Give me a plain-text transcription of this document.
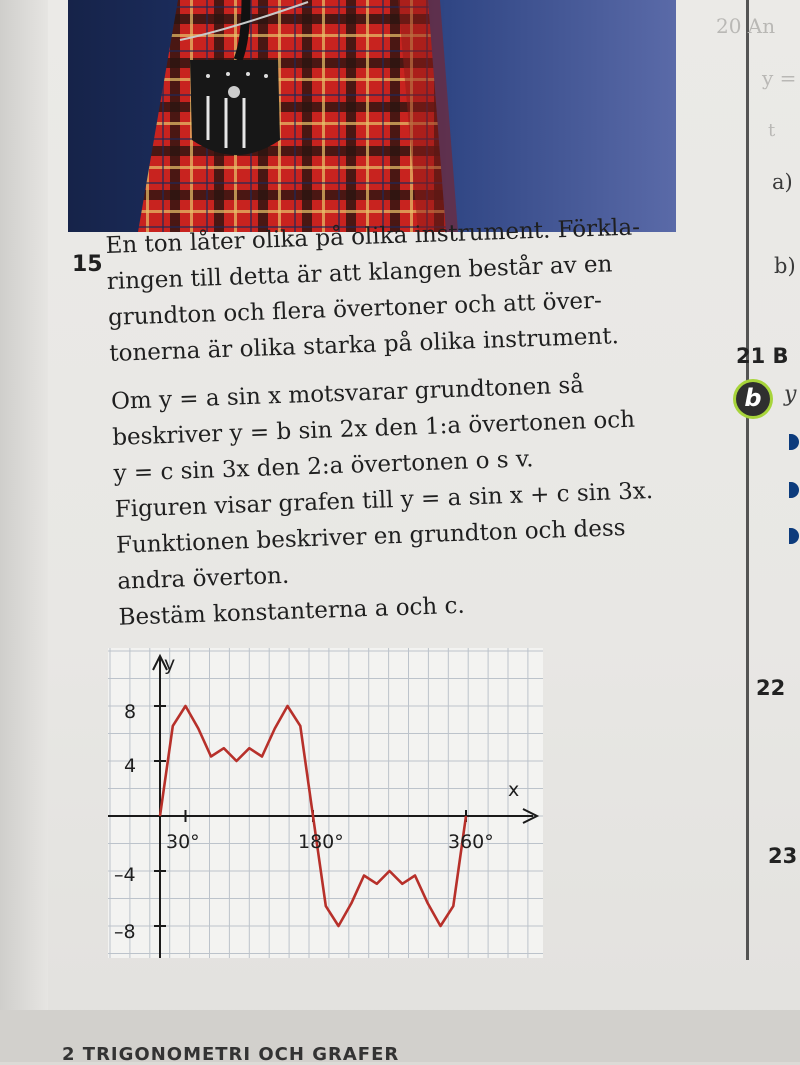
15

En ton låter olika på olika instrument. Förkla-

ringen till detta är att klangen består av en

grundton och flera övertoner och att över-

tonerna är olika starka på olika instrument.

Om y = a sin x motsvarar grundtonen så

beskriver y = b sin 2x den 1:a övertonen och

y = c sin 3x den 2:a övertonen o s v.

Figuren visar grafen till y = a sin x + c sin 3x.

Funktionen beskriver en grundton och dess

andra överton.

Bestäm konstanterna a och c.

y
x
30°	180°	360°
8
4
–4
–8
20 An
y =
t
a)
b)
21 B
b	y
22
23
2 TRIGONOMETRI OCH GRAFER
